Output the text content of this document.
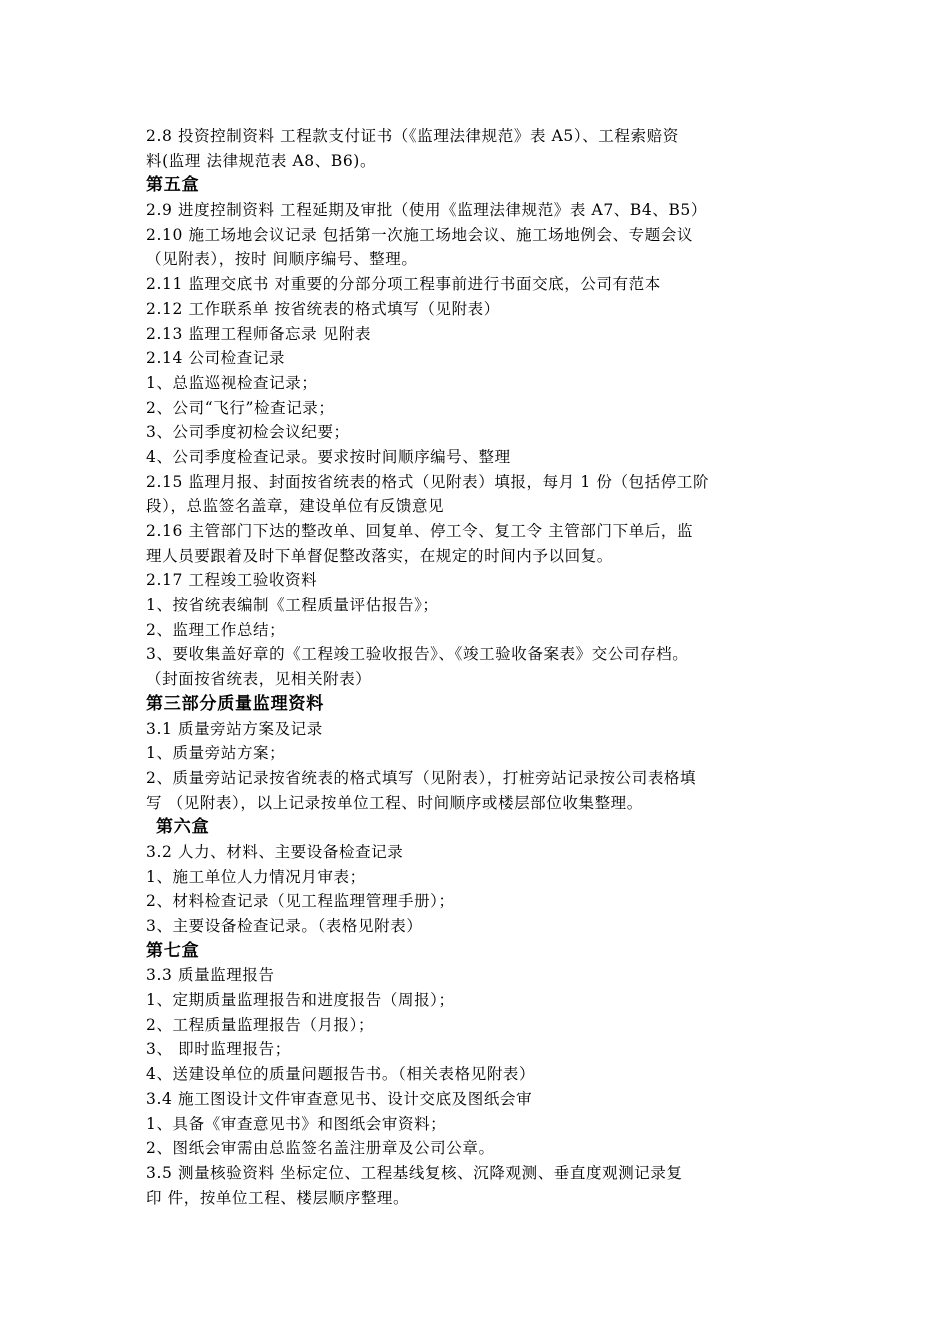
2.8 投资控制资料 工程款支付证书（《监理法律规范》表 A5）、工程索赔资
料(监理 法律规范表 A8、B6)。
第五盒
2.9 进度控制资料 工程延期及审批（使用《监理法律规范》表 A7、B4、B5）
2.10 施工场地会议记录 包括第一次施工场地会议、施工场地例会、专题会议
（见附表），按时 间顺序编号、整理。
2.11 监理交底书 对重要的分部分项工程事前进行书面交底，公司有范本
2.12 工作联系单 按省统表的格式填写（见附表）
2.13 监理工程师备忘录 见附表
2.14 公司检查记录
1、总监巡视检查记录；
2、公司“飞行”检查记录；
3、公司季度初检会议纪要；
4、公司季度检查记录。要求按时间顺序编号、整理
2.15 监理月报、封面按省统表的格式（见附表）填报，每月 1 份（包括停工阶
段），总监签名盖章，建设单位有反馈意见
2.16 主管部门下达的整改单、回复单、停工令、复工令 主管部门下单后，监
理人员要跟着及时下单督促整改落实，在规定的时间内予以回复。
2.17 工程竣工验收资料
1、按省统表编制《工程质量评估报告》；
2、监理工作总结；
3、要收集盖好章的《工程竣工验收报告》、《竣工验收备案表》交公司存档。
（封面按省统表，见相关附表）
第三部分质量监理资料
3.1 质量旁站方案及记录
1、质量旁站方案；
2、质量旁站记录按省统表的格式填写（见附表），打桩旁站记录按公司表格填
写 （见附表），以上记录按单位工程、时间顺序或楼层部位收集整理。
第六盒
3.2 人力、材料、主要设备检查记录
1、施工单位人力情况月审表；
2、材料检查记录（见工程监理管理手册）；
3、主要设备检查记录。（表格见附表）
第七盒
3.3 质量监理报告
1、定期质量监理报告和进度报告（周报）；
2、工程质量监理报告（月报）；
3、 即时监理报告；
4、送建设单位的质量问题报告书。（相关表格见附表）
3.4 施工图设计文件审查意见书、设计交底及图纸会审
1、具备《审查意见书》和图纸会审资料；
2、图纸会审需由总监签名盖注册章及公司公章。
3.5 测量核验资料 坐标定位、工程基线复核、沉降观测、垂直度观测记录复
印 件，按单位工程、楼层顺序整理。
